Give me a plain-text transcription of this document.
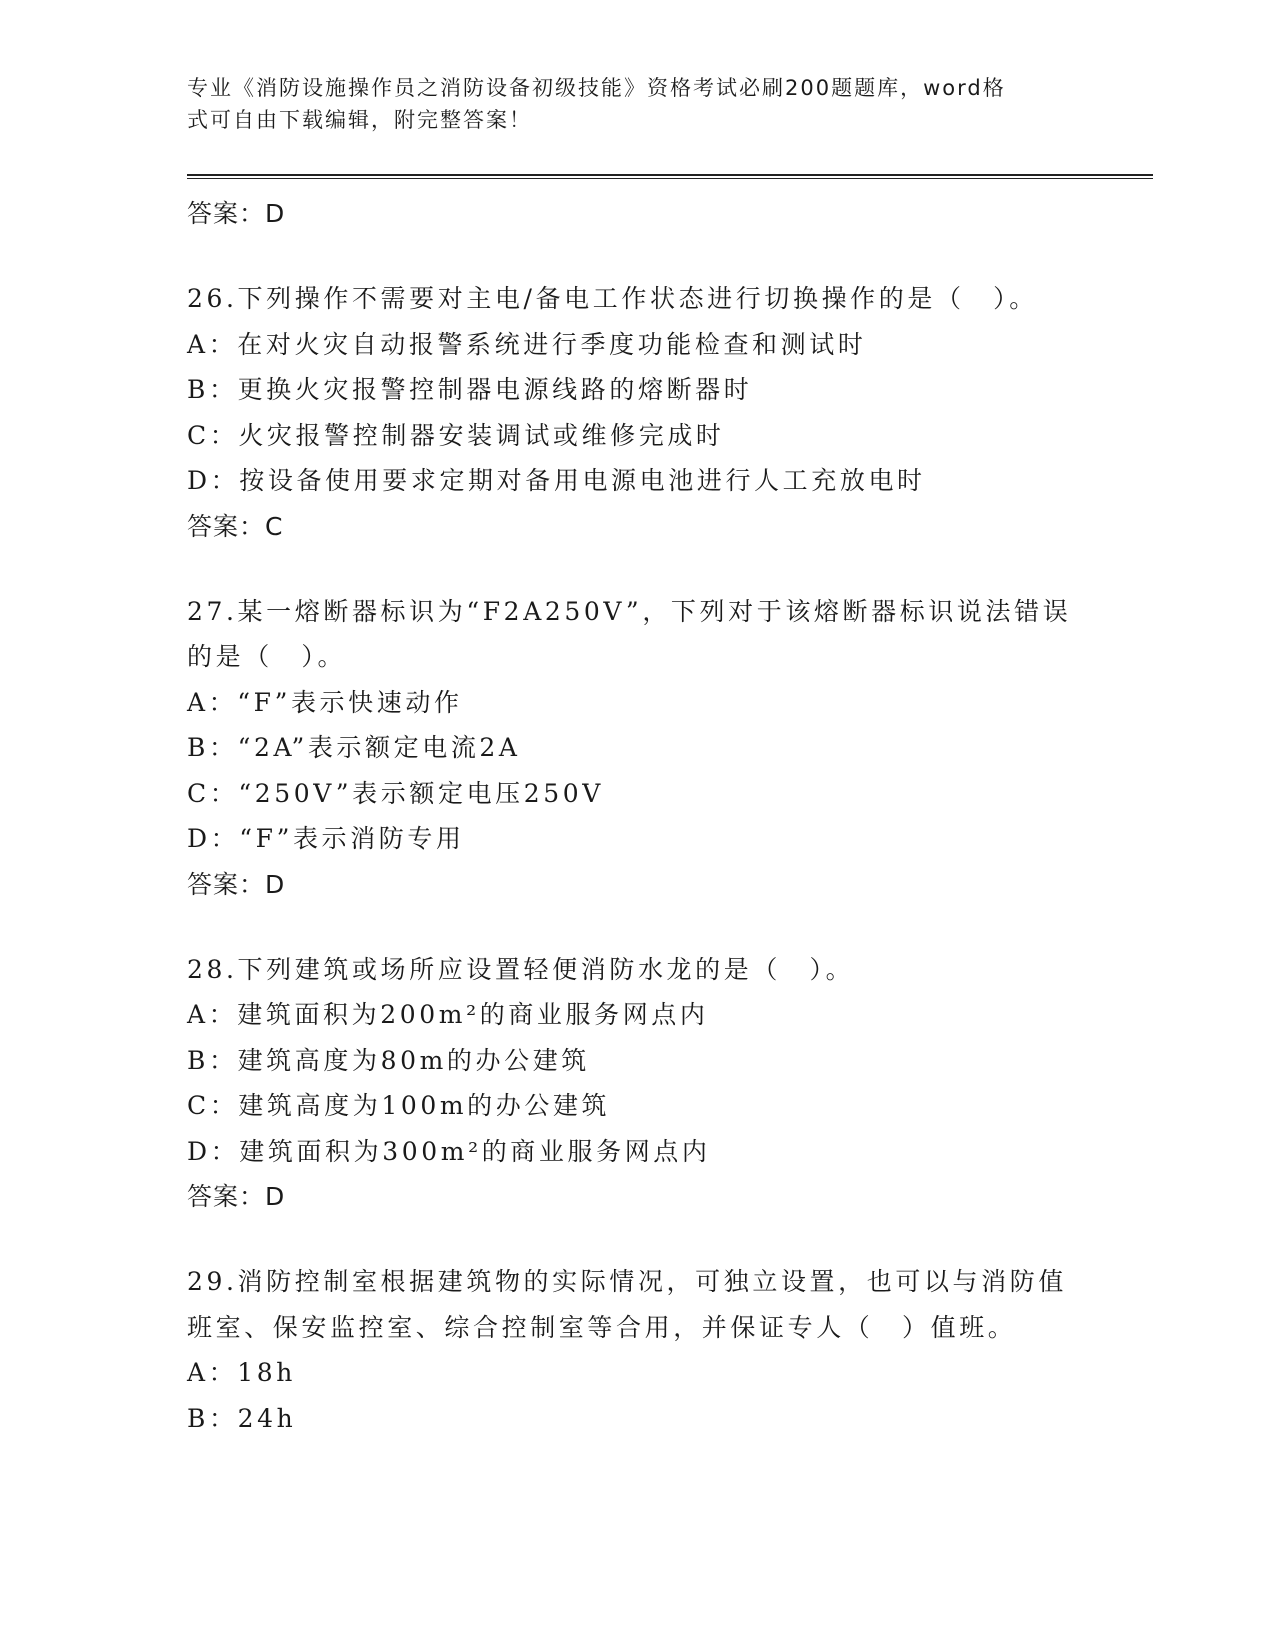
专业《消防设施操作员之消防设备初级技能》资格考试必刷200题题库，word格

式可自由下载编辑，附完整答案！

答案：D
26.下列操作不需要对主电/备电工作状态进行切换操作的是（　）。
A：在对火灾自动报警系统进行季度功能检查和测试时
B：更换火灾报警控制器电源线路的熔断器时
C：火灾报警控制器安装调试或维修完成时
D：按设备使用要求定期对备用电源电池进行人工充放电时
答案：C
27.某一熔断器标识为“F2A250V”，下列对于该熔断器标识说法错误
的是（　）。
A：“F”表示快速动作
B：“2A”表示额定电流2A
C：“250V”表示额定电压250V
D：“F”表示消防专用
答案：D
28.下列建筑或场所应设置轻便消防水龙的是（　）。
A：建筑面积为200m²的商业服务网点内
B：建筑高度为80m的办公建筑
C：建筑高度为100m的办公建筑
D：建筑面积为300m²的商业服务网点内
答案：D
29.消防控制室根据建筑物的实际情况，可独立设置，也可以与消防值
班室、保安监控室、综合控制室等合用，并保证专人（　）值班。
A：18h
B：24h
